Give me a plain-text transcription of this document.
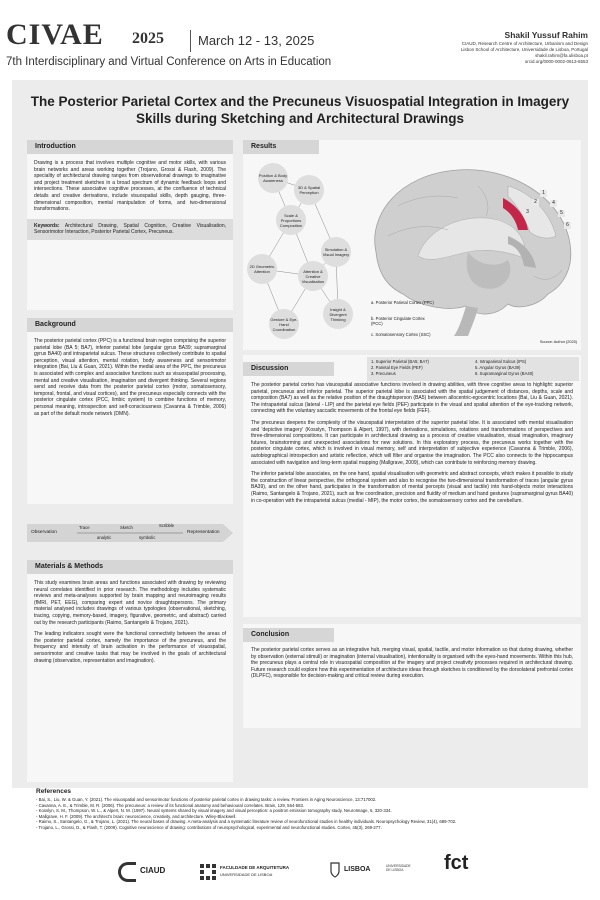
CIVAE 2025	March 12 - 13, 2025
7th Interdisciplinary and Virtual Conference on Arts in Education
Shakil Yussuf Rahim
CIAUD, Research Centre of Architecture, Urbanism and Design
Lisbon School of Architecture, Universidade de Lisboa, Portugal
shakil.rahim@fa.ulisboa.pt
orcid.org/0000-0002-0613-6553
The Posterior Parietal Cortex and the Precuneus Visuospatial Integration in Imagery Skills during Sketching and Architectural Drawings
Introduction
Drawing is a process that involves multiple cognitive and motor skills, with various brain networks and areas working together (Trojano, Grossi & Flash, 2009). The speciality of architectural drawing ranges from observational drawings to imaginative and project treatment sketches in a broad spectrum of dynamic feedback loops and intersections. These associative cognitive processes, at the confluence of technical details and creative derivations, include visuospatial skills, depth gauging, three-dimensional composition, mental manipulation of forms, and two-dimensional transformations.
Keywords: Architectural Drawing, Spatial Cognition, Creative Visualisation, Sensorimotor Interaction, Posterior Parietal Cortex, Precuneus.
Background
The posterior parietal cortex (PPC) is a functional brain region comprising the superior parietal lobe (BA 5; BA7), inferior parietal lobe (angular gyrus BA39; supramarginal gyrus BA40) and intraparietal sulcus. These structures collectively contribute to spatial perception, visual attention, mental rotation, body awareness and sensorimotor integration (Bai, Liu & Guan, 2021). Within the medial area of the PPC, the precuneus is associated with complex and associative functions such as visuospatial processing, mental and creative visualisation, imagination and divergent thinking. Several regions send and receive data from the posterior parietal cortex (motor, somatosensory, temporal, frontal, and visual cortices), and the precuneus especially connects with the posterior cingulate cortex (PCC, limbic system) to combine functions of memory, personal meaning, introspection and self-consciousness (Cavanna & Trimble, 2006) as part of the default mode network (DMN).
Observation	Representation
Trace
analytic
Sketch
symbolic
Scribble
Materials & Methods
This study examines brain areas and functions associated with drawing by reviewing neural correlates identified in prior research. The methodology includes systematic reviews and meta-analyses supported by brain mapping and neuroimaging results (fMRI, PET, EEG), comparing expert and novice draughtspersons. The primary material analysed includes drawings of various typologies (observational, sketching, tracing, copying, memory-based, imagery, figurative, geometric, and abstract) carried out by the research participants (Raimo, Santangelo & Trojano, 2021).
The leading indicators sought were the functional connectivity between the areas of the posterior parietal cortex, namely the importance of the precuneus, and the frequency and intensity of brain activation in the performance of visuospatial, sensorimotor and creative tasks that may be involved in the goals of architectural drawing (observation, representation and imagination).
Results
Position & Body Awareness
3D & Spatial Perception
Scale & Proportions Composition
2D Geometric Attention
Simulation & Visual Imagery
Attention & Creative Visualisation
Gesture & Eye-Hand Coordination
Insight & Divergent Thinking
1
2
3
4
5
6
a. Posterior Parietal Cortex (PPC)
b. Posterior Cingulate Cortex (PCC)
c. Somatosensory Cortex (SSC)
Source: Author (2025)
Discussion
1. Superior Parietal (BA5; BA7)
2. Parietal Eye Fields (PEF)
3. Precuneus
4. Intraparietal Sulcus (IPS)
5. Angular Gyrus (BA39)
6. Supramarginal Gyrus (BA40)
The posterior parietal cortex has visuospatial associative functions involved in drawing abilities, with three cognitive areas to highlight: superior parietal, precuneus and inferior parietal. The superior parietal lobe is associated with the spatial judgement of distances, depths, scale and composition (BA7) as well as the relative position of the draughtsperson (BA5) between allocentric-egocentric locations (Bai, Liu & Guan, 2021). The intraparietal sulcus (lateral - LIP) and the parietal eye fields (PEF) participate in the visual and spatial attention of the eye-tracking network, connecting with the voluntary saccadic movements of the frontal eye fields (FEF).
The precuneus deepens the complexity of the visuospatial interpretation of the superior parietal lobe. It is associated with mental visualisation and 'depictive imagery' (Kosslyn, Thompson & Alpert, 1997), with derivations, simulations, rotations and transformations of perspectives and three-dimensional compositions. It can participate in architectural drawing as a process of creative visualisation, visual imagination, imaginary futures, brainstorming and unexpected associations for new solutions. In this exploratory process, the precuneus works together with the posterior cingulate cortex, which is involved in visual memory, self and interpretation of subjective experience (Cavanna & Trimble, 2006), autobiographical introspection and artistic reflection, which will filter and organise the imagination. The PCC also connects to the hippocampus associated with navigation and long-term spatial mapping (Mallgrave, 2009), which can contribute to reinforcing memory drawing.
The inferior parietal lobe associates, on the one hand, spatial visualisation with geometric and abstract concepts, which makes it possible to study the construction of linear perspective, the orthogonal system and also to recognise the two-dimensional transformation of traces (angular gyrus BA39), and on the other hand, participates in the transformation of mental percepts (visual and tactile) into hand-objects motor interactions (Raimo, Santangelo & Trojano, 2021), such as fine coordination, precision and fluidity of medium and hand gestures (supramarginal gyrus BA40) in co-operation with the intraparietal sulcus (medial - MIP), the motor cortex, the somatosensory cortex and the cerebellum.
Conclusion
The posterior parietal cortex serves as an integrative hub, merging visual, spatial, tactile, and motor information so that during drawing, whether by observation (external stimuli) or imagination (internal visualisation), intentionality is organised with the eyes-hand movements. Within this hub, the precuneus plays a central role in visuospatial composition at the imagery and project creativity processes required in architectural drawing. Future research could explore how this experimentation of architecture ideas through sketches is conditioned by the dorsolateral prefrontal cortex (DLPFC), responsible for decision-making and critical review during execution.
References
- Bai, S., Liu, W. & Guan, Y. (2021). The visuospatial and sensorimotor functions of posterior parietal cortex in drawing tasks: a review. Frontiers in Aging Neuroscience, 13:717002.
- Cavanna, A. E., & Trimble, M. R. (2006). The precuneus: a review of its functional anatomy and behavioural correlates. Brain, 129, 564-583.
- Kosslyn, S. M., Thompson, W. L., & Alpert, N. M. (1997). Neural systems shared by visual imagery and visual perception: a positron emission tomography study. NeuroImage, 6, 320-334.
- Mallgrave, H. F. (2009). The architect's brain: neuroscience, creativity, and architecture. Wiley-Blackwell.
- Raimo, S., Santangelo, G., & Trojano, L. (2021). The neural bases of drawing. A meta-analysis and a systematic literature review of neurofunctional studies in healthy individuals. Neuropsychology Review, 31(4), 689-702.
- Trojano, L., Grossi, D., & Flash, T. (2009). Cognitive neuroscience of drawing: contributions of neuropsychological, experimental and neurofunctional studies. Cortex, 45(3), 269-277.
CIAUD	FACULDADE DE ARQUITETURA
UNIVERSIDADE DE LISBOA
LISBOA	UNIVERSIDADE DE LISBOA	fct
